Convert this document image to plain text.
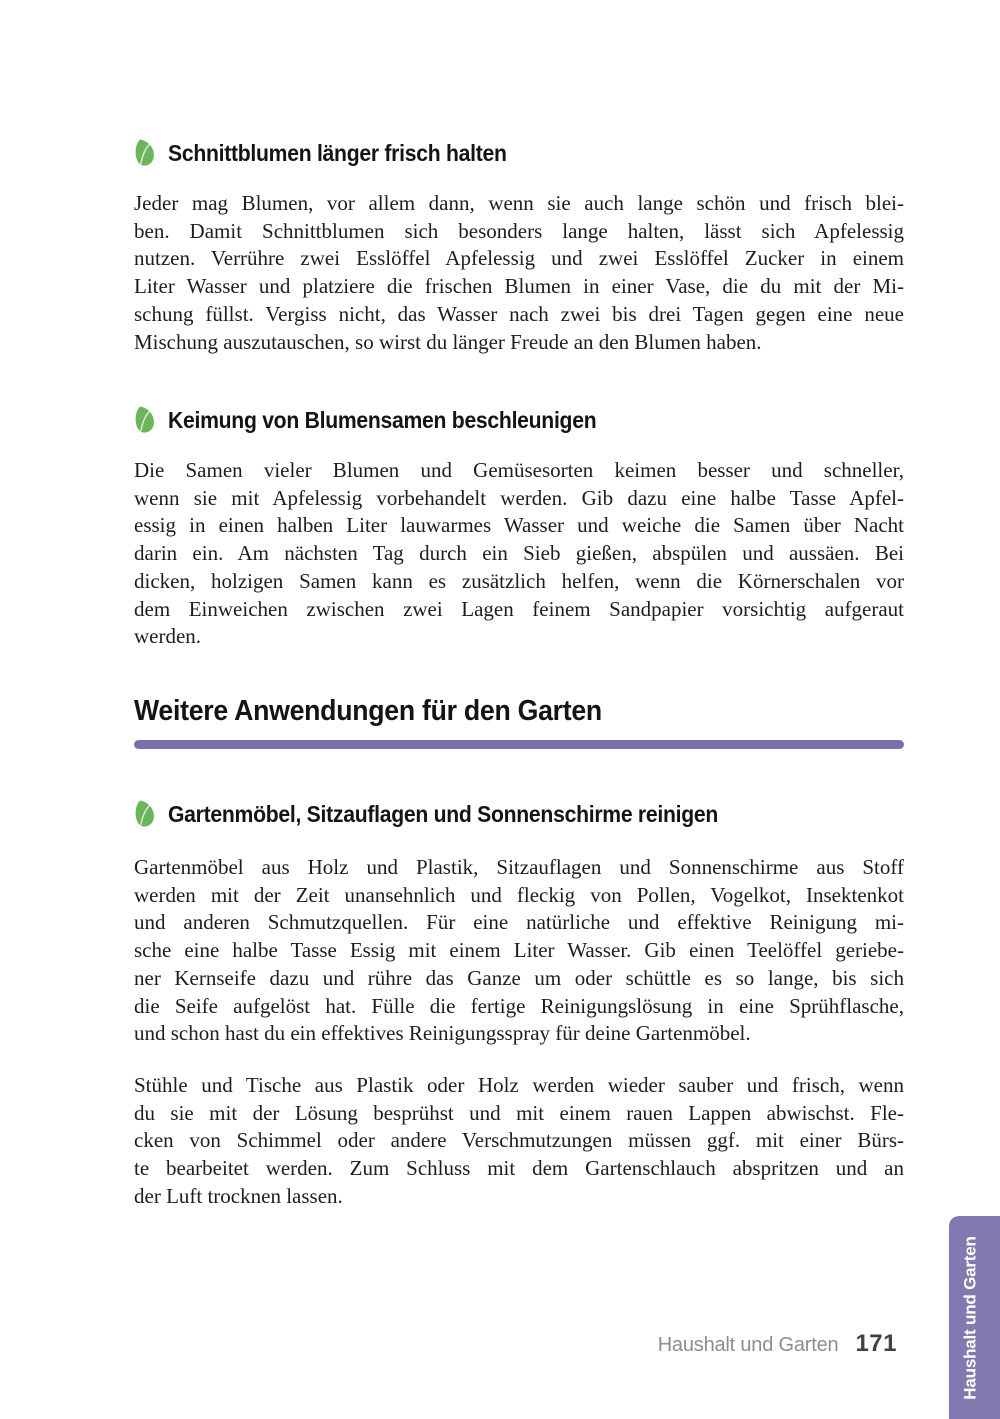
Schnittblumen länger frisch halten
Jeder mag Blumen, vor allem dann, wenn sie auch lange schön und frisch blei-
ben. Damit Schnittblumen sich besonders lange halten, lässt sich Apfelessig
nutzen. Verrühre zwei Esslöffel Apfelessig und zwei Esslöffel Zucker in einem
Liter Wasser und platziere die frischen Blumen in einer Vase, die du mit der Mi-
schung füllst. Vergiss nicht, das Wasser nach zwei bis drei Tagen gegen eine neue
Mischung auszutauschen, so wirst du länger Freude an den Blumen haben.
Keimung von Blumensamen beschleunigen
Die Samen vieler Blumen und Gemüsesorten keimen besser und schneller,
wenn sie mit Apfelessig vorbehandelt werden. Gib dazu eine halbe Tasse Apfel-
essig in einen halben Liter lauwarmes Wasser und weiche die Samen über Nacht
darin ein. Am nächsten Tag durch ein Sieb gießen, abspülen und aussäen. Bei
dicken, holzigen Samen kann es zusätzlich helfen, wenn die Körnerschalen vor
dem Einweichen zwischen zwei Lagen feinem Sandpapier vorsichtig aufgeraut
werden.
Weitere Anwendungen für den Garten
Gartenmöbel, Sitzauflagen und Sonnenschirme reinigen
Gartenmöbel aus Holz und Plastik, Sitzauflagen und Sonnenschirme aus Stoff
werden mit der Zeit unansehnlich und fleckig von Pollen, Vogelkot, Insektenkot
und anderen Schmutzquellen. Für eine natürliche und effektive Reinigung mi-
sche eine halbe Tasse Essig mit einem Liter Wasser. Gib einen Teelöffel geriebe-
ner Kernseife dazu und rühre das Ganze um oder schüttle es so lange, bis sich
die Seife aufgelöst hat. Fülle die fertige Reinigungslösung in eine Sprühflasche,
und schon hast du ein effektives Reinigungsspray für deine Gartenmöbel.
Stühle und Tische aus Plastik oder Holz werden wieder sauber und frisch, wenn
du sie mit der Lösung besprühst und mit einem rauen Lappen abwischst. Fle-
cken von Schimmel oder andere Verschmutzungen müssen ggf. mit einer Bürs-
te bearbeitet werden. Zum Schluss mit dem Gartenschlauch abspritzen und an
der Luft trocknen lassen.
Haushalt und Garten 171	Haushalt und Garten
